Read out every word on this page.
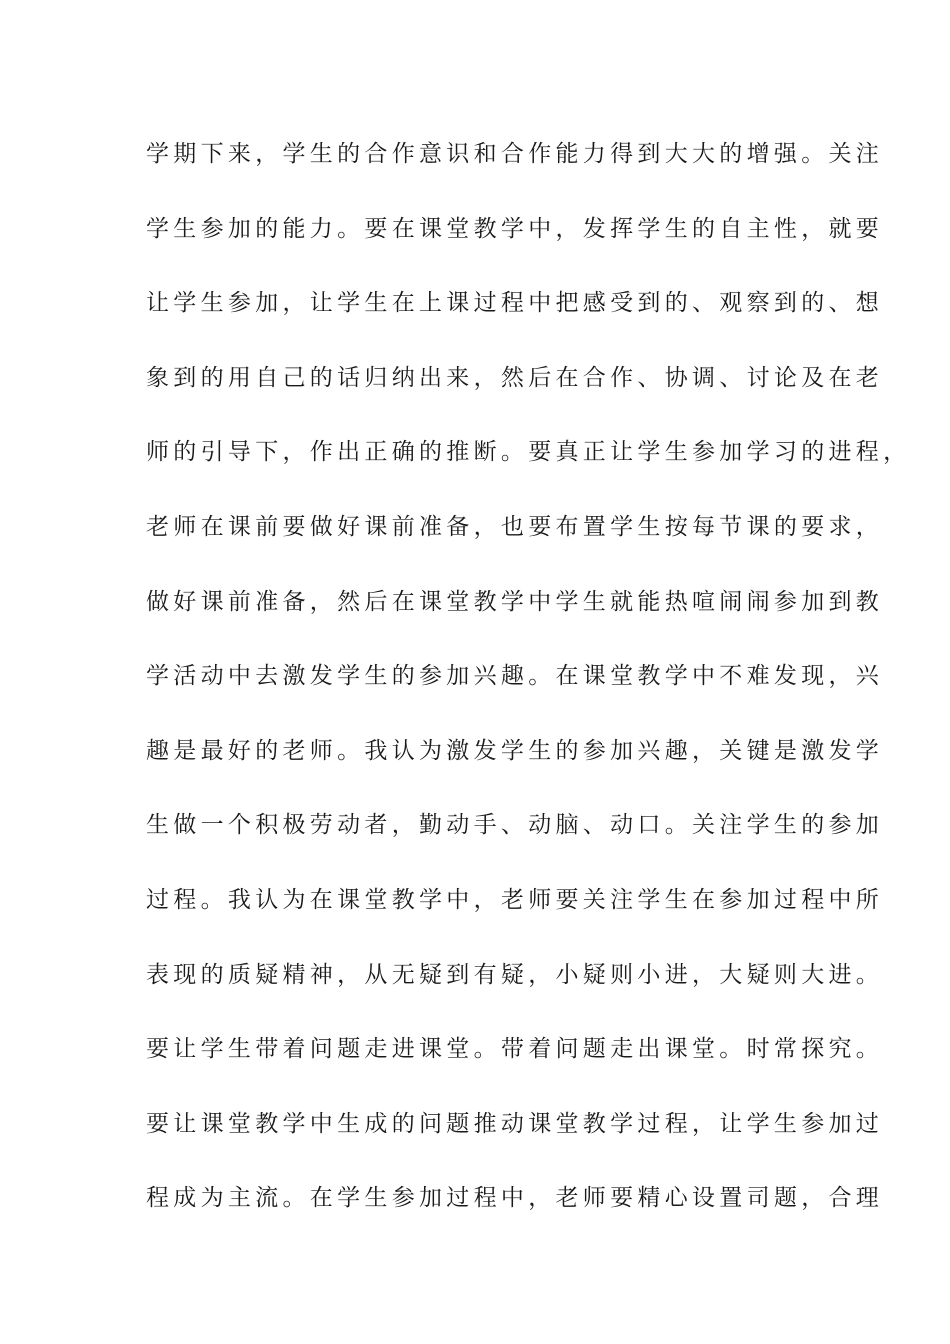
学期下来，学生的合作意识和合作能力得到大大的增强。关注
学生参加的能力。要在课堂教学中，发挥学生的自主性，就要
让学生参加，让学生在上课过程中把感受到的、观察到的、想
象到的用自己的话归纳出来，然后在合作、协调、讨论及在老
师的引导下，作出正确的推断。要真正让学生参加学习的进程，
老师在课前要做好课前准备，也要布置学生按每节课的要求，
做好课前准备，然后在课堂教学中学生就能热喧闹闹参加到教
学活动中去激发学生的参加兴趣。在课堂教学中不难发现，兴
趣是最好的老师。我认为激发学生的参加兴趣，关键是激发学
生做一个积极劳动者，勤动手、动脑、动口。关注学生的参加
过程。我认为在课堂教学中，老师要关注学生在参加过程中所
表现的质疑精神，从无疑到有疑，小疑则小进，大疑则大进。
要让学生带着问题走进课堂。带着问题走出课堂。时常探究。
要让课堂教学中生成的问题推动课堂教学过程，让学生参加过
程成为主流。在学生参加过程中，老师要精心设置司题，合理
